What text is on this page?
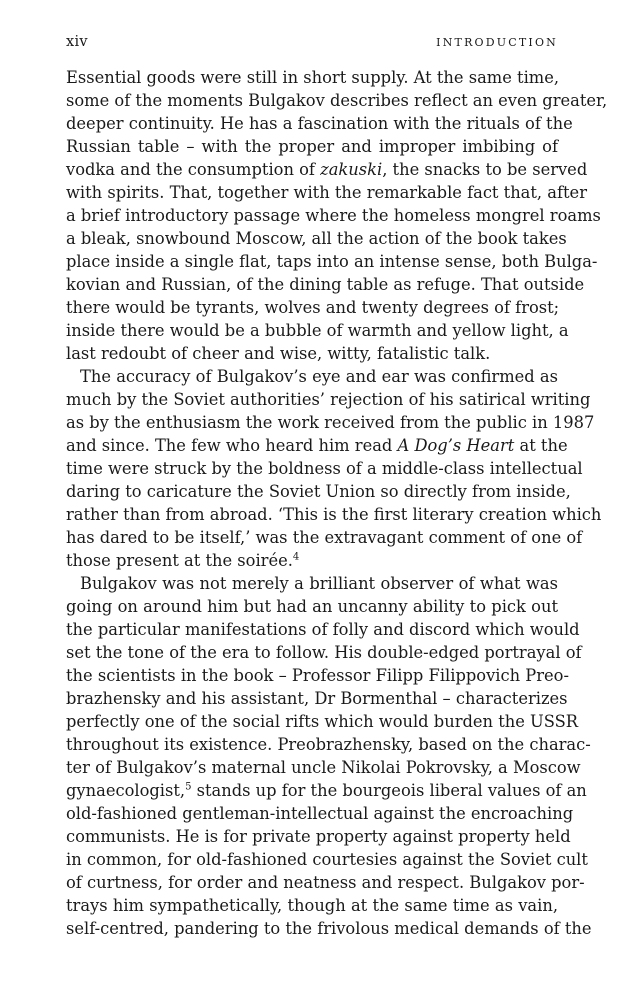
xiv	INTRODUCTION

Essential goods were still in short supply. At the same time,
some of the moments Bulgakov describes reflect an even greater,
deeper continuity. He has a fascination with the rituals of the
Russian table – with the proper and improper imbibing of
vodka and the consumption of zakuski, the snacks to be served
with spirits. That, together with the remarkable fact that, after
a brief introductory passage where the homeless mongrel roams
a bleak, snowbound Moscow, all the action of the book takes
place inside a single flat, taps into an intense sense, both Bulga-
kovian and Russian, of the dining table as refuge. That outside
there would be tyrants, wolves and twenty degrees of frost;
inside there would be a bubble of warmth and yellow light, a
last redoubt of cheer and wise, witty, fatalistic talk.

The accuracy of Bulgakov’s eye and ear was confirmed as
much by the Soviet authorities’ rejection of his satirical writing
as by the enthusiasm the work received from the public in 1987
and since. The few who heard him read A Dog’s Heart at the
time were struck by the boldness of a middle-class intellectual
daring to caricature the Soviet Union so directly from inside,
rather than from abroad. ‘This is the first literary creation which
has dared to be itself,’ was the extravagant comment of one of
those present at the soirée.$^4$

Bulgakov was not merely a brilliant observer of what was
going on around him but had an uncanny ability to pick out
the particular manifestations of folly and discord which would
set the tone of the era to follow. His double-edged portrayal of
the scientists in the book – Professor Filipp Filippovich Preo-
brazhensky and his assistant, Dr Bormenthal – characterizes
perfectly one of the social rifts which would burden the USSR
throughout its existence. Preobrazhensky, based on the charac-
ter of Bulgakov’s maternal uncle Nikolai Pokrovsky, a Moscow
gynaecologist,$^5$ stands up for the bourgeois liberal values of an
old-fashioned gentleman-intellectual against the encroaching
communists. He is for private property against property held
in common, for old-fashioned courtesies against the Soviet cult
of curtness, for order and neatness and respect. Bulgakov por-
trays him sympathetically, though at the same time as vain,
self-centred, pandering to the frivolous medical demands of the
